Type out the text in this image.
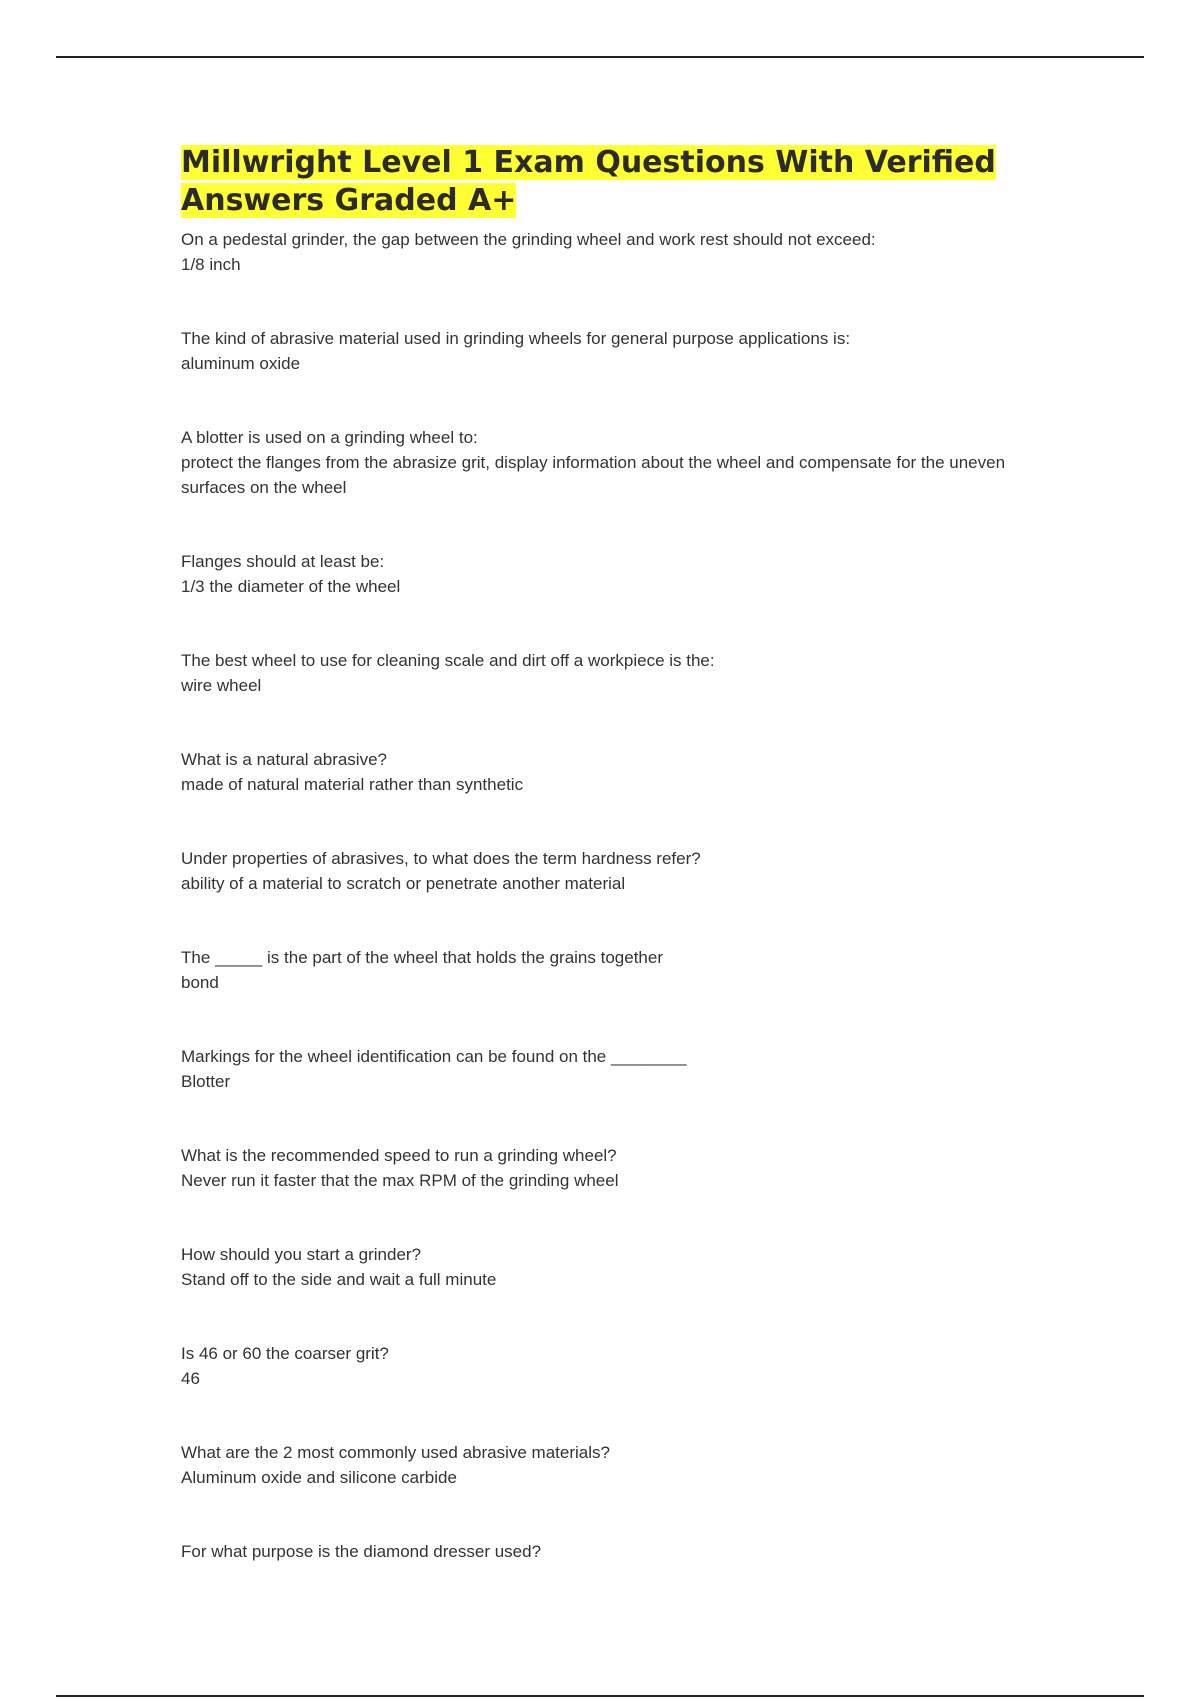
Millwright Level 1 Exam Questions With Verified Answers Graded A+

On a pedestal grinder, the gap between the grinding wheel and work rest should not exceed:

1/8 inch

The kind of abrasive material used in grinding wheels for general purpose applications is:

aluminum oxide

A blotter is used on a grinding wheel to:

protect the flanges from the abrasize grit, display information about the wheel and compensate for the uneven surfaces on the wheel

Flanges should at least be:

1/3 the diameter of the wheel

The best wheel to use for cleaning scale and dirt off a workpiece is the:

wire wheel

What is a natural abrasive?

made of natural material rather than synthetic

Under properties of abrasives, to what does the term hardness refer?

ability of a material to scratch or penetrate another material

The _____ is the part of the wheel that holds the grains together

bond

Markings for the wheel identification can be found on the ________

Blotter

What is the recommended speed to run a grinding wheel?

Never run it faster that the max RPM of the grinding wheel

How should you start a grinder?

Stand off to the side and wait a full minute

Is 46 or 60 the coarser grit?

46

What are the 2 most commonly used abrasive materials?

Aluminum oxide and silicone carbide

For what purpose is the diamond dresser used?
